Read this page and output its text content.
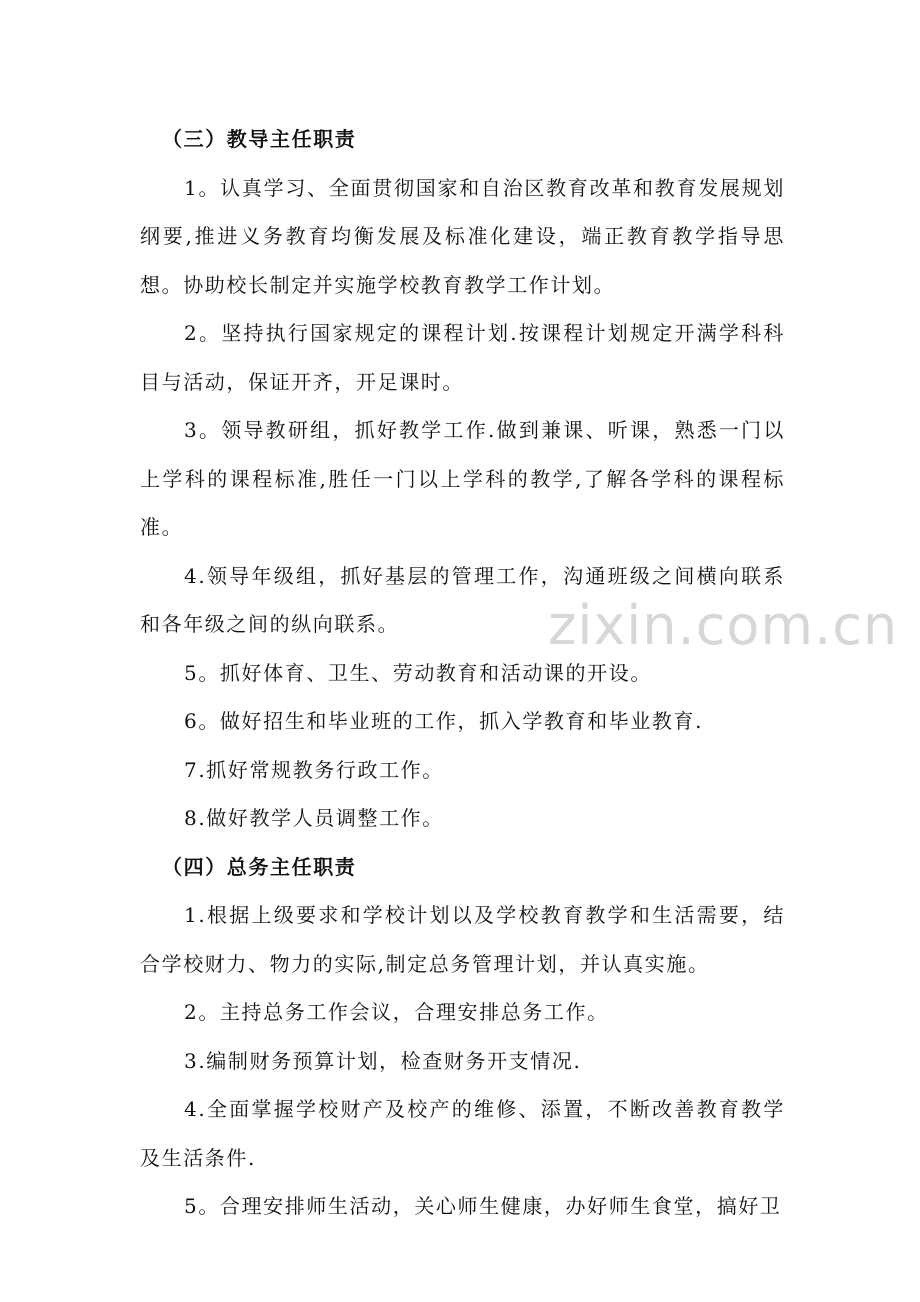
zixin.com.cn

（三）教导主任职责

1。认真学习、全面贯彻国家和自治区教育改革和教育发展规划纲要,推进义务教育均衡发展及标准化建设，端正教育教学指导思想。协助校长制定并实施学校教育教学工作计划。

2。坚持执行国家规定的课程计划.按课程计划规定开满学科科目与活动，保证开齐，开足课时。

3。领导教研组，抓好教学工作.做到兼课、听课，熟悉一门以上学科的课程标准,胜任一门以上学科的教学,了解各学科的课程标准。

4.领导年级组，抓好基层的管理工作，沟通班级之间横向联系和各年级之间的纵向联系。

5。抓好体育、卫生、劳动教育和活动课的开设。

6。做好招生和毕业班的工作，抓入学教育和毕业教育.

7.抓好常规教务行政工作。

8.做好教学人员调整工作。

（四）总务主任职责

1.根据上级要求和学校计划以及学校教育教学和生活需要，结合学校财力、物力的实际,制定总务管理计划，并认真实施。

2。主持总务工作会议，合理安排总务工作。

3.编制财务预算计划，检查财务开支情况.

4.全面掌握学校财产及校产的维修、添置，不断改善教育教学及生活条件.

5。合理安排师生活动，关心师生健康，办好师生食堂，搞好卫
